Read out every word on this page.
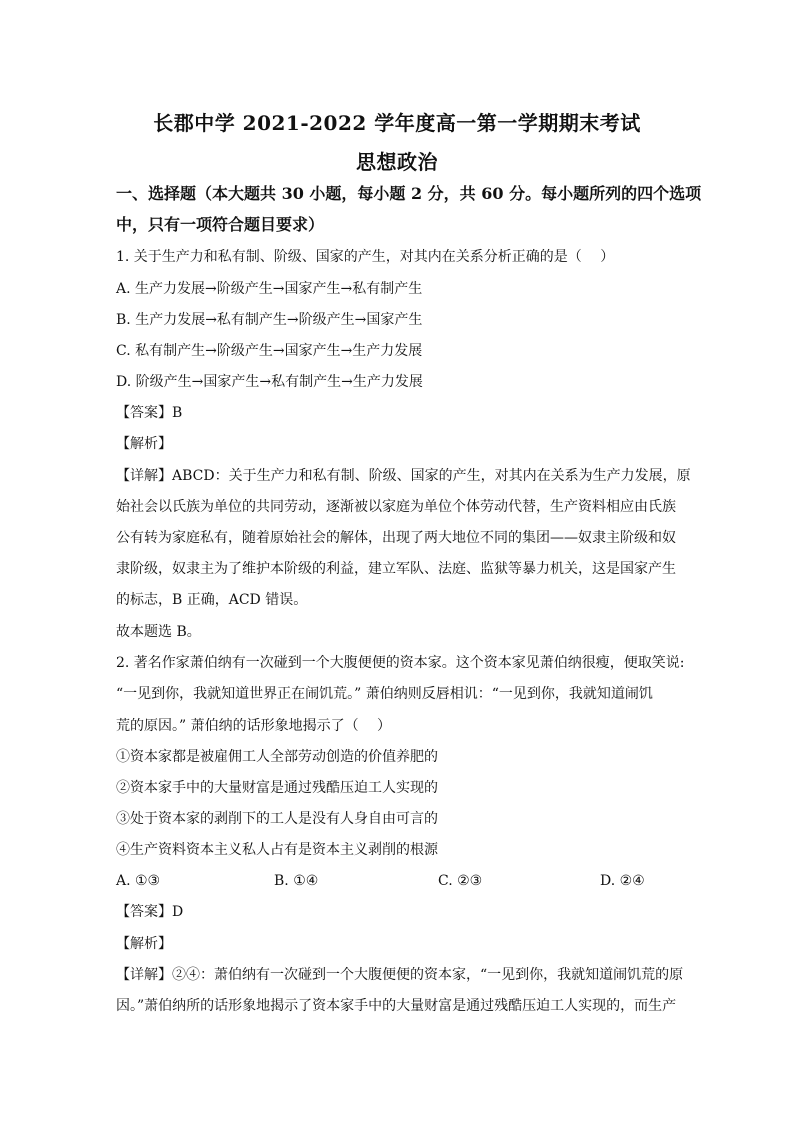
长郡中学 2021-2022 学年度高一第一学期期末考试
思想政治
一、选择题（本大题共 30 小题，每小题 2 分，共 60 分。每小题所列的四个选项
中，只有一项符合题目要求）
1. 关于生产力和私有制、阶级、国家的产生，对其内在关系分析正确的是（　 ）
A. 生产力发展→阶级产生→国家产生→私有制产生
B. 生产力发展→私有制产生→阶级产生→国家产生
C. 私有制产生→阶级产生→国家产生→生产力发展
D. 阶级产生→国家产生→私有制产生→生产力发展
【答案】B
【解析】
【详解】ABCD：关于生产力和私有制、阶级、国家的产生，对其内在关系为生产力发展，原
始社会以氏族为单位的共同劳动，逐渐被以家庭为单位个体劳动代替，生产资料相应由氏族
公有转为家庭私有，随着原始社会的解体，出现了两大地位不同的集团——奴隶主阶级和奴
隶阶级，奴隶主为了维护本阶级的利益，建立军队、法庭、监狱等暴力机关，这是国家产生
的标志，B 正确，ACD 错误。
故本题选 B。
2. 著名作家萧伯纳有一次碰到一个大腹便便的资本家。这个资本家见萧伯纳很瘦，便取笑说:
“一见到你，我就知道世界正在闹饥荒。” 萧伯纳则反唇相讥：“一见到你，我就知道闹饥
荒的原因。” 萧伯纳的话形象地揭示了（　 ）
①资本家都是被雇佣工人全部劳动创造的价值养肥的
②资本家手中的大量财富是通过残酷压迫工人实现的
③处于资本家的剥削下的工人是没有人身自由可言的
④生产资料资本主义私人占有是资本主义剥削的根源
A. ①③	B. ①④	C. ②③	D. ②④
【答案】D
【解析】
【详解】②④：萧伯纳有一次碰到一个大腹便便的资本家，“一见到你，我就知道闹饥荒的原
因。”萧伯纳所的话形象地揭示了资本家手中的大量财富是通过残酷压迫工人实现的，而生产
